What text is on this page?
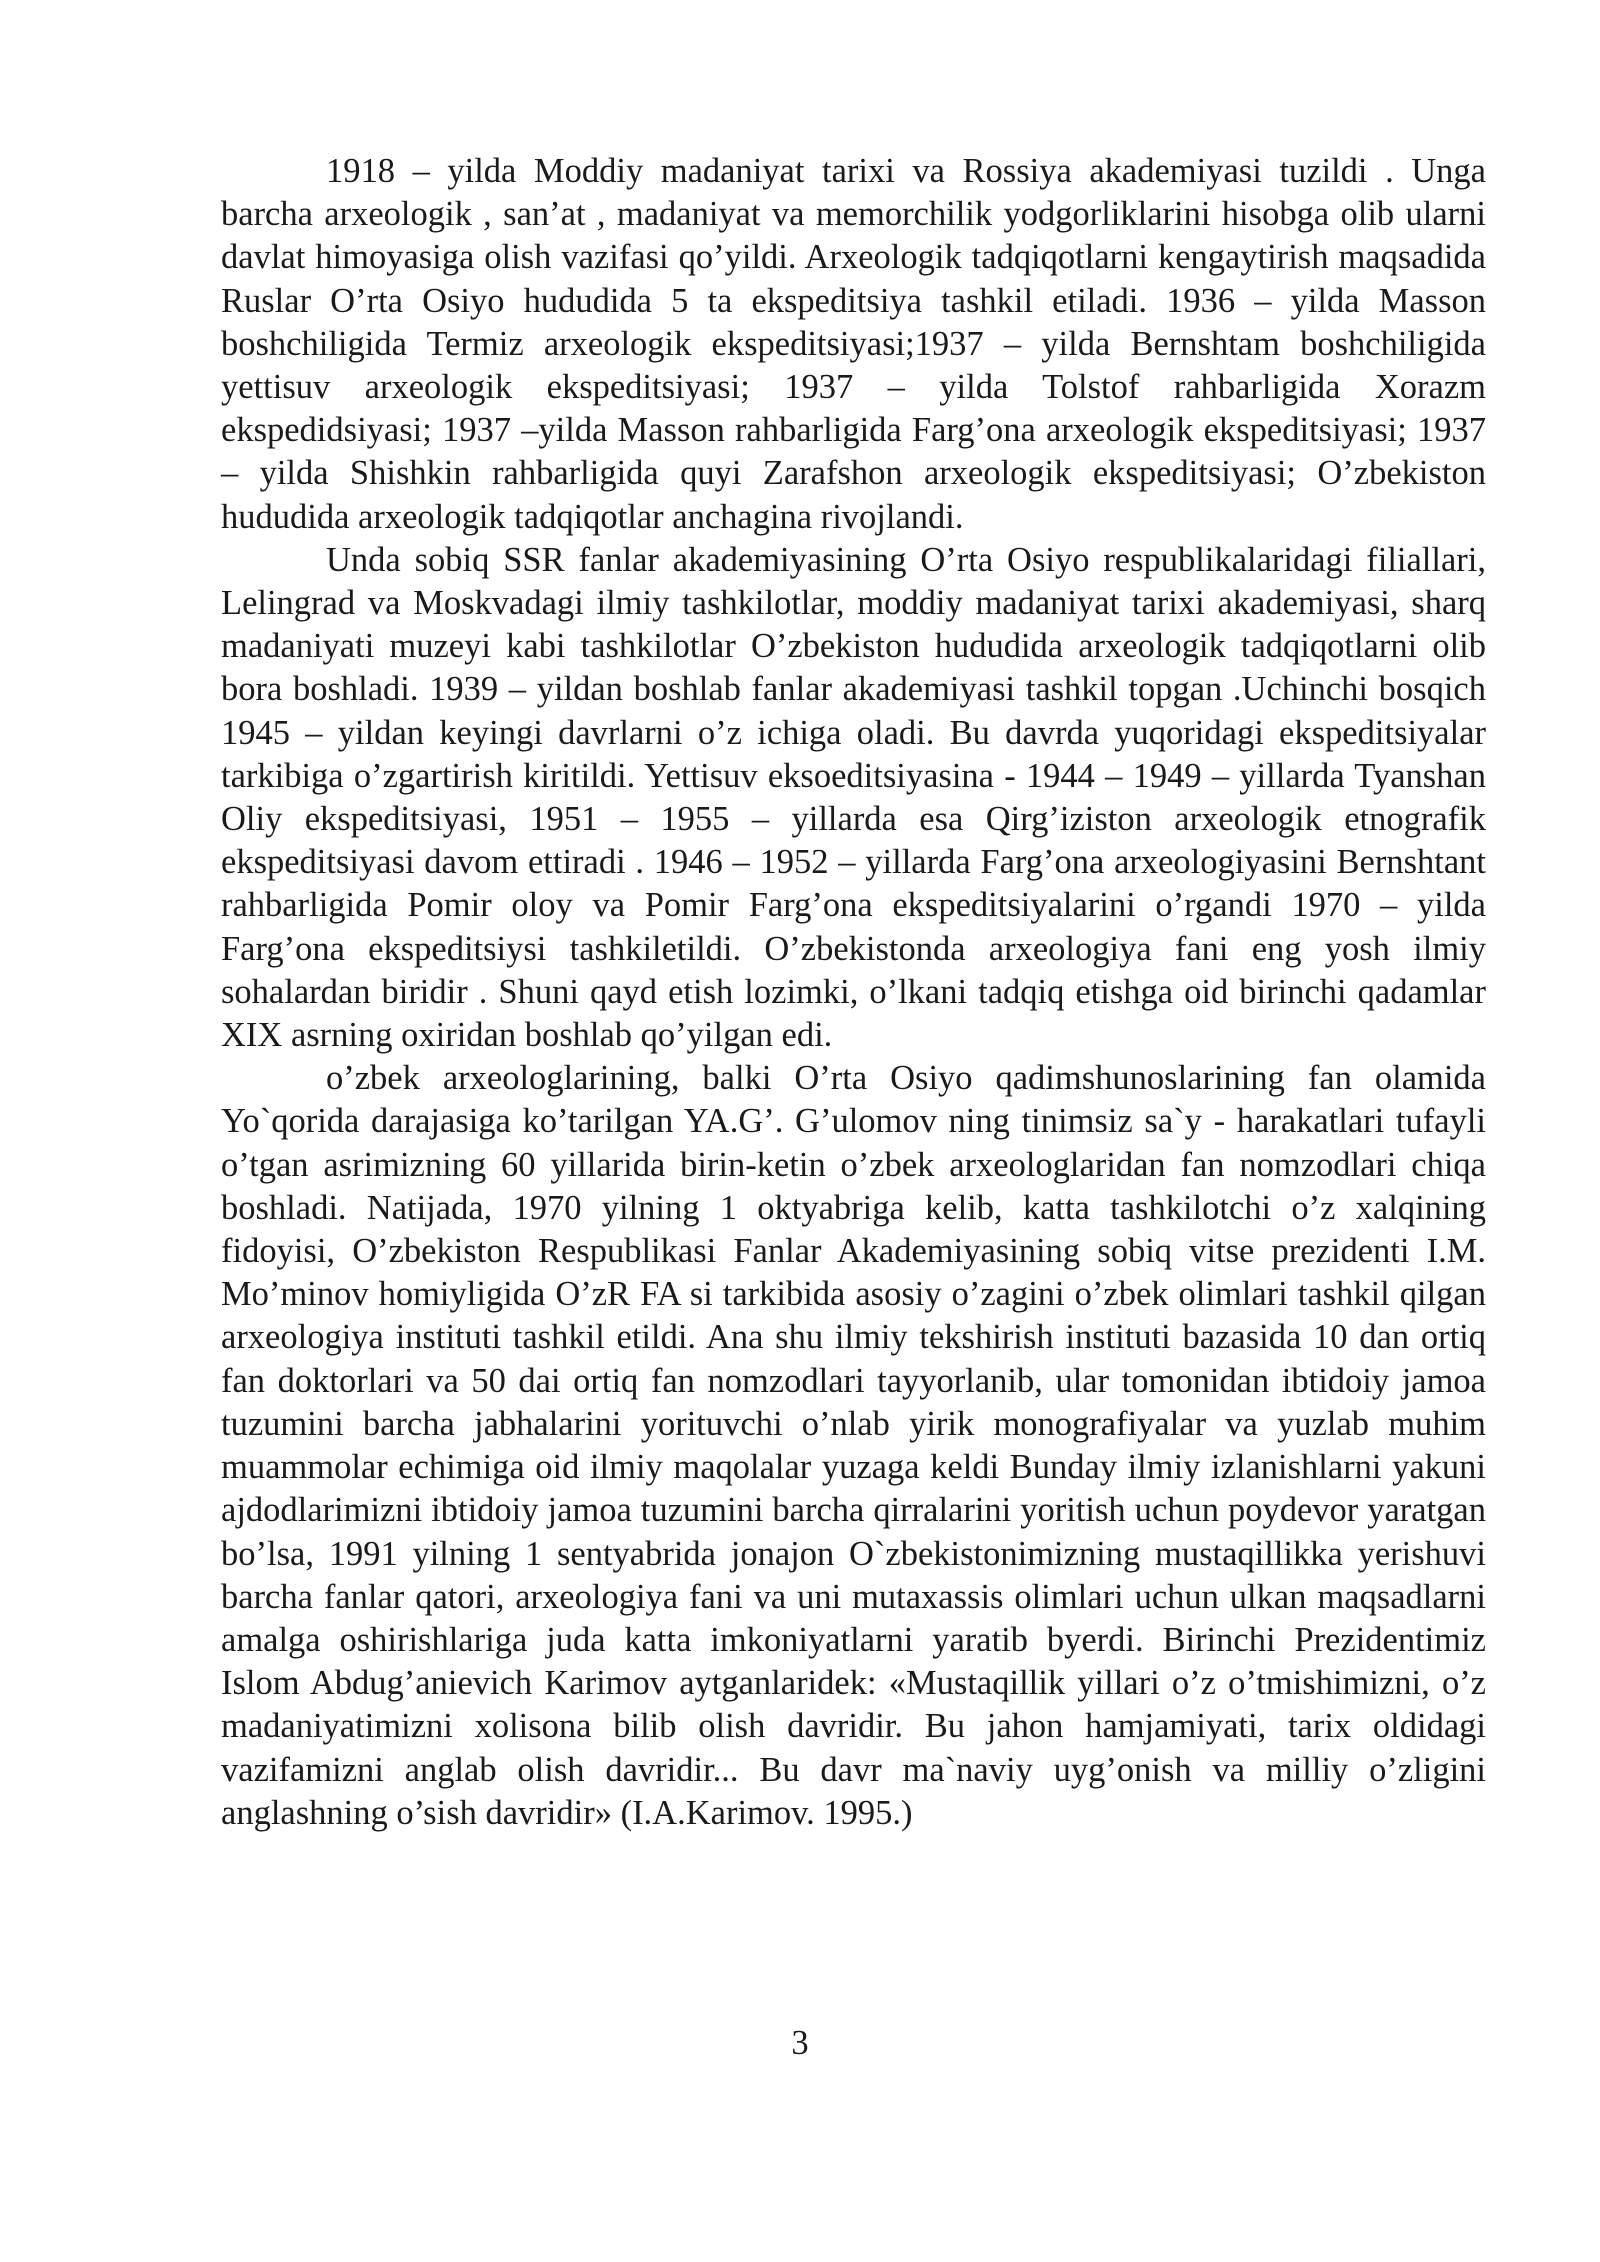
1918 – yilda Moddiy madaniyat tarixi va Rossiya akademiyasi tuzildi . Unga barcha arxeologik , san’at , madaniyat va memorchilik yodgorliklarini hisobga olib ularni davlat himoyasiga olish vazifasi qo’yildi. Arxeologik tadqiqotlarni kengaytirish maqsadida Ruslar O’rta Osiyo hududida 5 ta ekspeditsiya tashkil etiladi. 1936 – yilda Masson boshchiligida Termiz arxeologik ekspeditsiyasi;1937 – yilda Bernshtam boshchiligida yettisuv arxeologik ekspeditsiyasi; 1937 – yilda Tolstof rahbarligida Xorazm ekspedidsiyasi; 1937 –yilda Masson rahbarligida Farg’ona arxeologik ekspeditsiyasi; 1937 – yilda Shishkin rahbarligida quyi Zarafshon arxeologik ekspeditsiyasi; O’zbekiston hududida arxeologik tadqiqotlar anchagina rivojlandi.

Unda sobiq SSR fanlar akademiyasining O’rta Osiyo respublikalaridagi filiallari, Lelingrad va Moskvadagi ilmiy tashkilotlar, moddiy madaniyat tarixi akademiyasi, sharq madaniyati muzeyi kabi tashkilotlar O’zbekiston hududida arxeologik tadqiqotlarni olib bora boshladi. 1939 – yildan boshlab fanlar akademiyasi tashkil topgan .Uchinchi bosqich 1945 – yildan keyingi davrlarni o’z ichiga oladi. Bu davrda yuqoridagi ekspeditsiyalar tarkibiga o’zgartirish kiritildi. Yettisuv eksoeditsiyasina - 1944 – 1949 – yillarda Tyanshan Oliy ekspeditsiyasi, 1951 – 1955 – yillarda esa Qirg’iziston arxeologik etnografik ekspeditsiyasi davom ettiradi . 1946 – 1952 – yillarda Farg’ona arxeologiyasini Bernshtant rahbarligida Pomir oloy va Pomir Farg’ona ekspeditsiyalarini o’rgandi 1970 – yilda Farg’ona ekspeditsiysi tashkiletildi. O’zbekistonda arxeologiya fani eng yosh ilmiy sohalardan biridir . Shuni qayd etish lozimki, o’lkani tadqiq etishga oid birinchi qadamlar XIX asrning oxiridan boshlab qo’yilgan edi.

o’zbek arxeologlarining, balki O’rta Osiyo qadimshunoslarining fan olamida Yo`qorida darajasiga ko’tarilgan YA.G’. G’ulomov ning tinimsiz sa`y - harakatlari tufayli o’tgan asrimizning 60 yillarida birin-ketin o’zbek arxeologlaridan fan nomzodlari chiqa boshladi. Natijada, 1970 yilning 1 oktyabriga kelib, katta tashkilotchi o’z xalqining fidoyisi, O’zbekiston Respublikasi Fanlar Akademiyasining sobiq vitse prezidenti I.M. Mo’minov homiyligida O’zR FA si tarkibida asosiy o’zagini o’zbek olimlari tashkil qilgan arxeologiya instituti tashkil etildi. Ana shu ilmiy tekshirish instituti bazasida 10 dan ortiq fan doktorlari va 50 dai ortiq fan nomzodlari tayyorlanib, ular tomonidan ibtidoiy jamoa tuzumini barcha jabhalarini yorituvchi o’nlab yirik monografiyalar va yuzlab muhim muammolar echimiga oid ilmiy maqolalar yuzaga keldi Bunday ilmiy izlanishlarni yakuni ajdodlarimizni ibtidoiy jamoa tuzumini barcha qirralarini yoritish uchun poydevor yaratgan bo’lsa, 1991 yilning 1 sentyabrida jonajon O`zbekistonimizning mustaqillikka yerishuvi barcha fanlar qatori, arxeologiya fani va uni mutaxassis olimlari uchun ulkan maqsadlarni amalga oshirishlariga juda katta imkoniyatlarni yaratib byerdi. Birinchi Prezidentimiz Islom Abdug’anievich Karimov aytganlaridek: «Mustaqillik yillari o’z o’tmishimizni, o’z madaniyatimizni xolisona bilib olish davridir. Bu jahon hamjamiyati, tarix oldidagi vazifamizni anglab olish davridir... Bu davr ma`naviy uyg’onish va milliy o’zligini anglashning o’sish davridir» (I.A.Karimov. 1995.)

3
